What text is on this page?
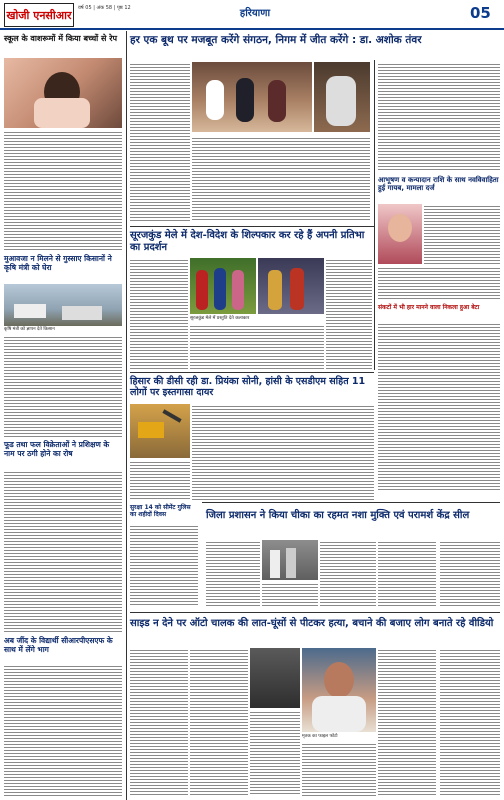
खोजी एनसीआर
वर्ष 05 | अंक 58 | पृष्ठ 12	हरियाणा	05
स्कूल के वाशरूमों में किया बच्चों से रेप
मुआवजा न मिलने से गुस्साए किसानों ने कृषि मंत्री को घेरा
कृषि मंत्री को ज्ञापन देते किसान
फूड तथा फल विक्रेताओं ने प्रशिक्षण के नाम पर ठगी होने का रोष
अब जींद के विद्यार्थी सीआरपीएसएफ के साथ में लेंगे भाग
हर एक बूथ पर मजबूत करेंगे संगठन, निगम में जीत करेंगे : डा. अशोक तंवर
सूरजकुंड मेले में देश-विदेश के शिल्पकार कर रहे हैं अपनी प्रतिभा का प्रदर्शन
सूरजकुंड मेले में प्रस्तुति देते कलाकार
आभूषण व कन्यादान राशि के साथ नवविवाहिता हुई गायब, मामला दर्ज
संकटों में भी हार मानने वाला निकला हुआ बेटा
हिसार की डीसी रही डा. प्रियंका सोनी, हांसी के एसडीएम सहित 11 लोगों पर इस्तगासा दायर
सुरक्षा 14 को सीमेंट गुलिस का शहीदों दिवस	जिला प्रशासन ने किया चीका का रहमत नशा मुक्ति एवं परामर्श केंद्र सील
साइड न देने पर ऑटो चालक की लात-घूंसों से पीटकर हत्या, बचाने की बजाए लोग बनाते रहे वीडियो
मृतक का फाइल फोटो
